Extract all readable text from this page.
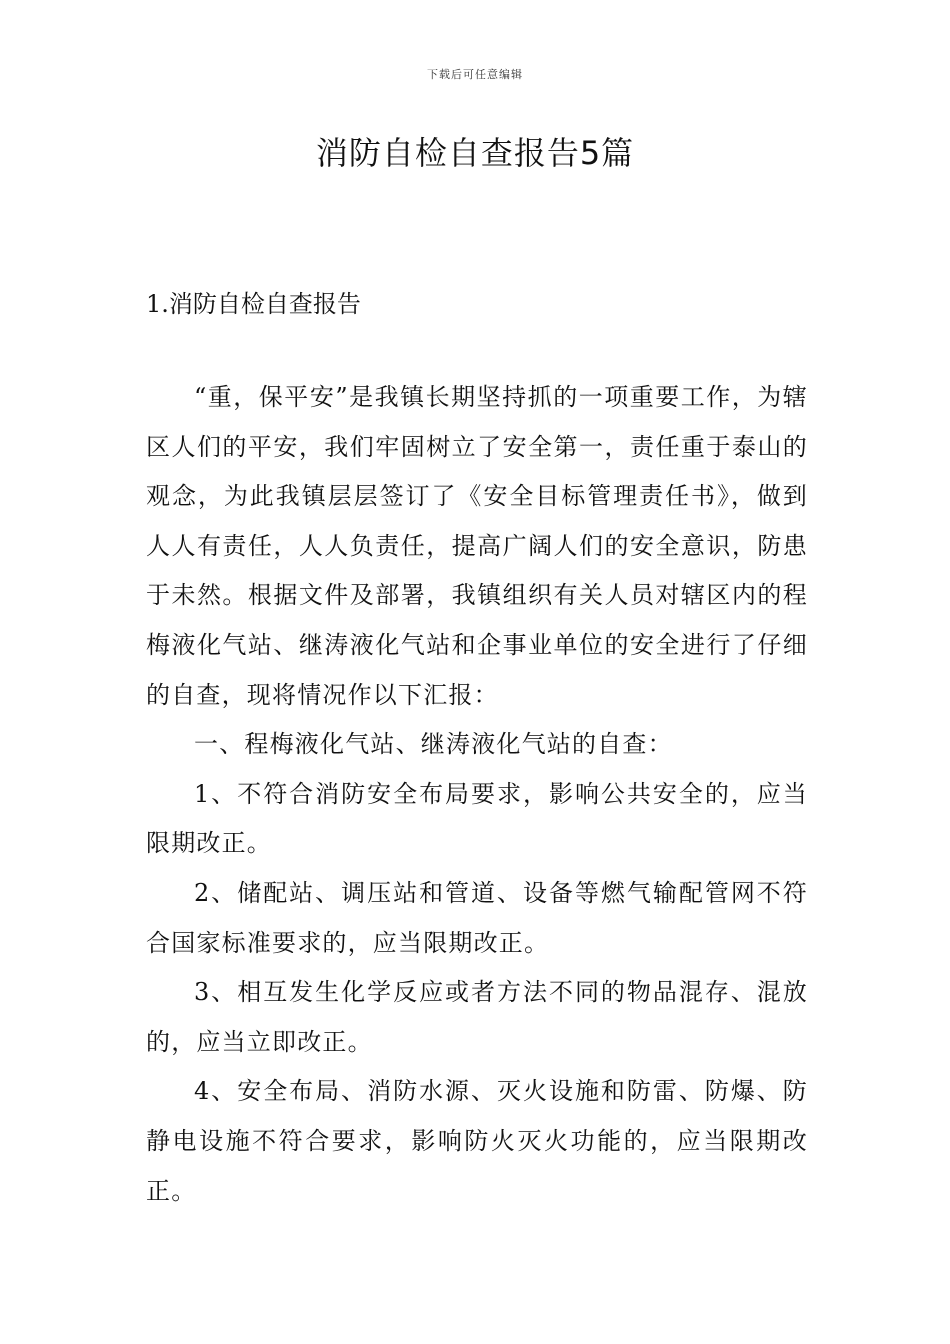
下载后可任意编辑
消防自检自查报告5篇
1.消防自检自查报告

“重，保平安”是我镇长期坚持抓的一项重要工作，为辖区人们的平安，我们牢固树立了安全第一，责任重于泰山的观念，为此我镇层层签订了《安全目标管理责任书》，做到人人有责任，人人负责任，提高广阔人们的安全意识，防患于未然。根据文件及部署，我镇组织有关人员对辖区内的程梅液化气站、继涛液化气站和企事业单位的安全进行了仔细的自查，现将情况作以下汇报：

一、程梅液化气站、继涛液化气站的自查：

1、不符合消防安全布局要求，影响公共安全的，应当限期改正。

2、储配站、调压站和管道、设备等燃气输配管网不符合国家标准要求的，应当限期改正。

3、相互发生化学反应或者方法不同的物品混存、混放的，应当立即改正。

4、安全布局、消防水源、灭火设施和防雷、防爆、防静电设施不符合要求，影响防火灭火功能的，应当限期改正。
